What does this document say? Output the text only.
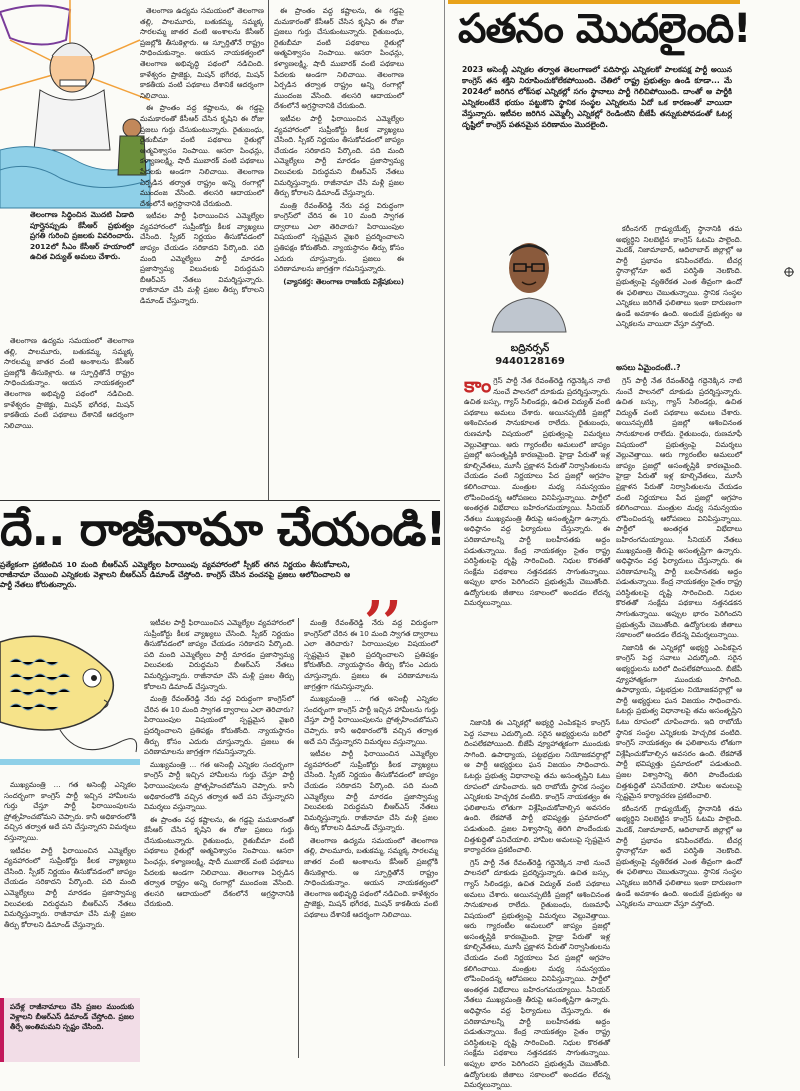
తెలంగాణ సిద్ధించిన మొదటి ఏడాది పూర్తైనప్పుడు కేసీఆర్ ప్రభుత్వం ప్రగతి గురించి ప్రజలకు వివరించారు. 2012లో సీఎం కేసీఆర్ హయాంలో ఉచిత విద్యుత్ అమలు చేశారు.

తెలంగాణ ఉద్యమ సమయంలో తెలంగాణ తల్లి, పాలమూరు, బతుకమ్మ, సమ్మక్క సారలమ్మ జాతర వంటి అంశాలను కేసీఆర్ ప్రజల్లోకి తీసుకెళ్లారు. ఆ స్ఫూర్తితోనే రాష్ట్రం సాధించుకున్నాం. ఆయన నాయకత్వంలో తెలంగాణ అభివృద్ధి పథంలో నడిచింది. కాళేశ్వరం ప్రాజెక్టు, మిషన్ భగీరథ, మిషన్ కాకతీయ వంటి పథకాలు దేశానికే ఆదర్శంగా నిలిచాయి.

తెలంగాణ ఉద్యమ సమయంలో తెలంగాణ తల్లి, పాలమూరు, బతుకమ్మ, సమ్మక్క సారలమ్మ జాతర వంటి అంశాలను కేసీఆర్ ప్రజల్లోకి తీసుకెళ్లారు. ఆ స్ఫూర్తితోనే రాష్ట్రం సాధించుకున్నాం. ఆయన నాయకత్వంలో తెలంగాణ అభివృద్ధి పథంలో నడిచింది. కాళేశ్వరం ప్రాజెక్టు, మిషన్ భగీరథ, మిషన్ కాకతీయ వంటి పథకాలు దేశానికే ఆదర్శంగా నిలిచాయి.

ఈ ప్రాంతం వద్ద కష్టాలను, ఈ గడ్డపై మమకారంతో కేసీఆర్ చేసిన కృషిని ఈ రోజు ప్రజలు గుర్తు చేసుకుంటున్నారు. రైతుబంధు, రైతుబీమా వంటి పథకాలు రైతుల్లో ఆత్మవిశ్వాసం నింపాయి. ఆసరా పింఛన్లు, కళ్యాణలక్ష్మి, షాదీ ముబారక్ వంటి పథకాలు పేదలకు అండగా నిలిచాయి. తెలంగాణ ఏర్పడిన తర్వాత రాష్ట్రం అన్ని రంగాల్లో ముందంజ వేసింది. తలసరి ఆదాయంలో దేశంలోనే అగ్రస్థానానికి చేరుకుంది.

ఇటీవల పార్టీ ఫిరాయించిన ఎమ్మెల్యేల వ్యవహారంలో సుప్రీంకోర్టు కీలక వ్యాఖ్యలు చేసింది. స్పీకర్ నిర్ణయం తీసుకోవడంలో జాప్యం చేయడం సరికాదని పేర్కొంది. పది మంది ఎమ్మెల్యేలు పార్టీ మారడం ప్రజాస్వామ్య విలువలకు విరుద్ధమని బీఆర్ఎస్ నేతలు విమర్శిస్తున్నారు. రాజీనామా చేసి మళ్లీ ప్రజల తీర్పు కోరాలని డిమాండ్ చేస్తున్నారు.

ఈ ప్రాంతం వద్ద కష్టాలను, ఈ గడ్డపై మమకారంతో కేసీఆర్ చేసిన కృషిని ఈ రోజు ప్రజలు గుర్తు చేసుకుంటున్నారు. రైతుబంధు, రైతుబీమా వంటి పథకాలు రైతుల్లో ఆత్మవిశ్వాసం నింపాయి. ఆసరా పింఛన్లు, కళ్యాణలక్ష్మి, షాదీ ముబారక్ వంటి పథకాలు పేదలకు అండగా నిలిచాయి. తెలంగాణ ఏర్పడిన తర్వాత రాష్ట్రం అన్ని రంగాల్లో ముందంజ వేసింది. తలసరి ఆదాయంలో దేశంలోనే అగ్రస్థానానికి చేరుకుంది.

ఇటీవల పార్టీ ఫిరాయించిన ఎమ్మెల్యేల వ్యవహారంలో సుప్రీంకోర్టు కీలక వ్యాఖ్యలు చేసింది. స్పీకర్ నిర్ణయం తీసుకోవడంలో జాప్యం చేయడం సరికాదని పేర్కొంది. పది మంది ఎమ్మెల్యేలు పార్టీ మారడం ప్రజాస్వామ్య విలువలకు విరుద్ధమని బీఆర్ఎస్ నేతలు విమర్శిస్తున్నారు. రాజీనామా చేసి మళ్లీ ప్రజల తీర్పు కోరాలని డిమాండ్ చేస్తున్నారు.

మంత్రి రేవంత్‌రెడ్డి నేరు వద్ద విరుద్ధంగా కాంగ్రెస్‌లో చేరిన ఈ 10 మంది స్వాగత ద్వారాలు ఎలా తెరిచారు? పిరాయింపుల విషయంలో స్పష్టమైన వైఖరి ప్రదర్శించాలని ప్రతిపక్షం కోరుతోంది. న్యాయస్థానం తీర్పు కోసం ఎదురు చూస్తున్నారు. ప్రజలు ఈ పరిణామాలను జాగ్రత్తగా గమనిస్తున్నారు.

(వ్యాసకర్త: తెలంగాణ రాజకీయ విశ్లేషకులు)

పతనం మొదలైంది!
2023 అసెంబ్లీ ఎన్నికల తర్వాత తెలంగాణలో పదిసార్లు ఎన్నికలకో పాలకపక్ష పార్టీ అయిన కాంగ్రెస్ తన శక్తిని నిరూపించుకోలేకపోయింది. చేతిలో రాష్ట్ర ప్రభుత్వం ఉండి కూడా... మే 2024లో జరిగిన లోక్‌సభ ఎన్నికల్లో సగం స్థానాలు పార్టీ గెలిచిపోయింది. దాంతో ఆ పార్టీకి ఎన్నికలంటేనే భయం పట్టుకొని స్థానిక సంస్థల ఎన్నికలను ఏదో ఒక కారణంతో వాయిదా వేస్తున్నారు. ఇటీవల జరిగిన ఎమ్మెల్సీ ఎన్నికల్లో రెండింటిని బీజేపీ తన్నుకుపోవడంతో ఓటర్ల దృష్టిలో కాంగ్రెస్ పతనమైన పరిణామం మొదలైంది.
బద్రినర్సన్
9440128169
కాంగ్రెస్ పార్టీ నేత రేవంత్‌రెడ్డి గద్దెనెక్కిన నాటి నుంచే పాలనలో దూకుడు ప్రదర్శిస్తున్నారు. ఉచిత బస్సు, గ్యాస్ సిలిండర్లు, ఉచిత విద్యుత్ వంటి పథకాలు అమలు చేశారు. అయినప్పటికీ ప్రజల్లో ఆశించినంత సానుకూలత రాలేదు. రైతుబంధు, రుణమాఫీ విషయంలో ప్రభుత్వంపై విమర్శలు వెల్లువెత్తాయి. ఆరు గ్యారంటీల అమలులో జాప్యం ప్రజల్లో అసంతృప్తికి కారణమైంది. హైడ్రా పేరుతో ఇళ్ల కూల్చివేతలు, మూసీ ప్రక్షాళన పేరుతో నిర్వాసితులను చేయడం వంటి నిర్ణయాలు పేద ప్రజల్లో ఆగ్రహం కలిగించాయి. మంత్రుల మధ్య సమన్వయం లోపించిందన్న ఆరోపణలు వినిపిస్తున్నాయి. పార్టీలో అంతర్గత విభేదాలు బహిరంగమయ్యాయి. సీనియర్ నేతలు ముఖ్యమంత్రి తీరుపై అసంతృప్తిగా ఉన్నారు. అధిష్ఠానం వద్ద ఫిర్యాదులు చేస్తున్నారు. ఈ పరిణామాలన్నీ పార్టీ బలహీనతకు అద్దం పడుతున్నాయి. కేంద్ర నాయకత్వం సైతం రాష్ట్ర పరిస్థితులపై దృష్టి సారించింది. నిధుల కొరతతో సంక్షేమ పథకాలు నత్తనడకన సాగుతున్నాయి. అప్పుల భారం పెరిగిందని ప్రభుత్వమే చెబుతోంది. ఉద్యోగులకు జీతాలు సకాలంలో అందడం లేదన్న విమర్శలున్నాయి.

నిజానికి ఈ ఎన్నికల్లో అభ్యర్థి ఎంపికపైన కాంగ్రెస్ పెద్ద సవాలు ఎదుర్కొంది. సరైన అభ్యర్థులను బరిలో దింపలేకపోయింది. బీజేపీ వ్యూహాత్మకంగా ముందుకు సాగింది. ఉపాధ్యాయ, పట్టభద్రుల నియోజకవర్గాల్లో ఆ పార్టీ అభ్యర్థులు ఘన విజయం సాధించారు. ఓటర్లు ప్రభుత్వ విధానాలపై తమ అసంతృప్తిని ఓటు రూపంలో చూపించారు. ఇది రాబోయే స్థానిక సంస్థల ఎన్నికలకు హెచ్చరిక వంటిది. కాంగ్రెస్ నాయకత్వం ఈ ఫలితాలను లోతుగా విశ్లేషించుకోవాల్సిన అవసరం ఉంది. లేకపోతే పార్టీ భవిష్యత్తు ప్రమాదంలో పడుతుంది. ప్రజల విశ్వాసాన్ని తిరిగి పొందేందుకు చిత్తశుద్ధితో పనిచేయాలి. హామీల అమలుపై స్పష్టమైన కార్యాచరణ ప్రకటించాలి.

గ్రెస్ పార్టీ నేత రేవంత్‌రెడ్డి గద్దెనెక్కిన నాటి నుంచే పాలనలో దూకుడు ప్రదర్శిస్తున్నారు. ఉచిత బస్సు, గ్యాస్ సిలిండర్లు, ఉచిత విద్యుత్ వంటి పథకాలు అమలు చేశారు. అయినప్పటికీ ప్రజల్లో ఆశించినంత సానుకూలత రాలేదు. రైతుబంధు, రుణమాఫీ విషయంలో ప్రభుత్వంపై విమర్శలు వెల్లువెత్తాయి. ఆరు గ్యారంటీల అమలులో జాప్యం ప్రజల్లో అసంతృప్తికి కారణమైంది. హైడ్రా పేరుతో ఇళ్ల కూల్చివేతలు, మూసీ ప్రక్షాళన పేరుతో నిర్వాసితులను చేయడం వంటి నిర్ణయాలు పేద ప్రజల్లో ఆగ్రహం కలిగించాయి. మంత్రుల మధ్య సమన్వయం లోపించిందన్న ఆరోపణలు వినిపిస్తున్నాయి. పార్టీలో అంతర్గత విభేదాలు బహిరంగమయ్యాయి. సీనియర్ నేతలు ముఖ్యమంత్రి తీరుపై అసంతృప్తిగా ఉన్నారు. అధిష్ఠానం వద్ద ఫిర్యాదులు చేస్తున్నారు. ఈ పరిణామాలన్నీ పార్టీ బలహీనతకు అద్దం పడుతున్నాయి. కేంద్ర నాయకత్వం సైతం రాష్ట్ర పరిస్థితులపై దృష్టి సారించింది. నిధుల కొరతతో సంక్షేమ పథకాలు నత్తనడకన సాగుతున్నాయి. అప్పుల భారం పెరిగిందని ప్రభుత్వమే చెబుతోంది. ఉద్యోగులకు జీతాలు సకాలంలో అందడం లేదన్న విమర్శలున్నాయి.

కరీంనగర్ గ్రాడ్యుయేట్స్ స్థానానికి తమ అభ్యర్థిని నిలబెట్టిన కాంగ్రెస్ ఓటమి పాలైంది. మెదక్, నిజామాబాద్, ఆదిలాబాద్ జిల్లాల్లో ఆ పార్టీ ప్రభావం కనిపించలేదు. టీచర్ల స్థానాల్లోనూ అదే పరిస్థితి నెలకొంది. ప్రభుత్వంపై వ్యతిరేకత ఎంత తీవ్రంగా ఉందో ఈ ఫలితాలు చెబుతున్నాయి. స్థానిక సంస్థల ఎన్నికలు జరిగితే ఫలితాలు ఇంకా దారుణంగా ఉండే అవకాశం ఉంది. అందుకే ప్రభుత్వం ఆ ఎన్నికలను వాయిదా వేస్తూ వస్తోంది.

అసలు ఏమైందంటే..?

గ్రెస్ పార్టీ నేత రేవంత్‌రెడ్డి గద్దెనెక్కిన నాటి నుంచే పాలనలో దూకుడు ప్రదర్శిస్తున్నారు. ఉచిత బస్సు, గ్యాస్ సిలిండర్లు, ఉచిత విద్యుత్ వంటి పథకాలు అమలు చేశారు. అయినప్పటికీ ప్రజల్లో ఆశించినంత సానుకూలత రాలేదు. రైతుబంధు, రుణమాఫీ విషయంలో ప్రభుత్వంపై విమర్శలు వెల్లువెత్తాయి. ఆరు గ్యారంటీల అమలులో జాప్యం ప్రజల్లో అసంతృప్తికి కారణమైంది. హైడ్రా పేరుతో ఇళ్ల కూల్చివేతలు, మూసీ ప్రక్షాళన పేరుతో నిర్వాసితులను చేయడం వంటి నిర్ణయాలు పేద ప్రజల్లో ఆగ్రహం కలిగించాయి. మంత్రుల మధ్య సమన్వయం లోపించిందన్న ఆరోపణలు వినిపిస్తున్నాయి. పార్టీలో అంతర్గత విభేదాలు బహిరంగమయ్యాయి. సీనియర్ నేతలు ముఖ్యమంత్రి తీరుపై అసంతృప్తిగా ఉన్నారు. అధిష్ఠానం వద్ద ఫిర్యాదులు చేస్తున్నారు. ఈ పరిణామాలన్నీ పార్టీ బలహీనతకు అద్దం పడుతున్నాయి. కేంద్ర నాయకత్వం సైతం రాష్ట్ర పరిస్థితులపై దృష్టి సారించింది. నిధుల కొరతతో సంక్షేమ పథకాలు నత్తనడకన సాగుతున్నాయి. అప్పుల భారం పెరిగిందని ప్రభుత్వమే చెబుతోంది. ఉద్యోగులకు జీతాలు సకాలంలో అందడం లేదన్న విమర్శలున్నాయి.

నిజానికి ఈ ఎన్నికల్లో అభ్యర్థి ఎంపికపైన కాంగ్రెస్ పెద్ద సవాలు ఎదుర్కొంది. సరైన అభ్యర్థులను బరిలో దింపలేకపోయింది. బీజేపీ వ్యూహాత్మకంగా ముందుకు సాగింది. ఉపాధ్యాయ, పట్టభద్రుల నియోజకవర్గాల్లో ఆ పార్టీ అభ్యర్థులు ఘన విజయం సాధించారు. ఓటర్లు ప్రభుత్వ విధానాలపై తమ అసంతృప్తిని ఓటు రూపంలో చూపించారు. ఇది రాబోయే స్థానిక సంస్థల ఎన్నికలకు హెచ్చరిక వంటిది. కాంగ్రెస్ నాయకత్వం ఈ ఫలితాలను లోతుగా విశ్లేషించుకోవాల్సిన అవసరం ఉంది. లేకపోతే పార్టీ భవిష్యత్తు ప్రమాదంలో పడుతుంది. ప్రజల విశ్వాసాన్ని తిరిగి పొందేందుకు చిత్తశుద్ధితో పనిచేయాలి. హామీల అమలుపై స్పష్టమైన కార్యాచరణ ప్రకటించాలి.

కరీంనగర్ గ్రాడ్యుయేట్స్ స్థానానికి తమ అభ్యర్థిని నిలబెట్టిన కాంగ్రెస్ ఓటమి పాలైంది. మెదక్, నిజామాబాద్, ఆదిలాబాద్ జిల్లాల్లో ఆ పార్టీ ప్రభావం కనిపించలేదు. టీచర్ల స్థానాల్లోనూ అదే పరిస్థితి నెలకొంది. ప్రభుత్వంపై వ్యతిరేకత ఎంత తీవ్రంగా ఉందో ఈ ఫలితాలు చెబుతున్నాయి. స్థానిక సంస్థల ఎన్నికలు జరిగితే ఫలితాలు ఇంకా దారుణంగా ఉండే అవకాశం ఉంది. అందుకే ప్రభుత్వం ఆ ఎన్నికలను వాయిదా వేస్తూ వస్తోంది.

దే.. రాజీనామా చేయండి!
ప్రత్యేకంగా ప్రకటించిన 10 మంది బీఆర్ఎస్ ఎమ్మెల్యేల పిరాయింపు వ్యవహారంలో స్పీకర్ తగిన నిర్ణయం తీసుకోవాలని, రాజీనామా చేయించి ఎన్నికలకు వెళ్లాలని బీఆర్ఎస్ డిమాండ్ చేస్తోంది. కాంగ్రెస్ చేసిన వంచనపై ప్రజలు ఆలోచించాలని ఆ పార్టీ నేతలు కోరుతున్నారు.	,,

ముఖ్యమంత్రి ... గత అసెంబ్లీ ఎన్నికల సందర్భంగా కాంగ్రెస్ పార్టీ ఇచ్చిన హామీలను గుర్తు చేస్తూ పార్టీ ఫిరాయింపులను ప్రోత్సహించబోమని చెప్పారు. కానీ అధికారంలోకి వచ్చిన తర్వాత అదే పని చేస్తున్నారని విమర్శలు వస్తున్నాయి.

ఇటీవల పార్టీ ఫిరాయించిన ఎమ్మెల్యేల వ్యవహారంలో సుప్రీంకోర్టు కీలక వ్యాఖ్యలు చేసింది. స్పీకర్ నిర్ణయం తీసుకోవడంలో జాప్యం చేయడం సరికాదని పేర్కొంది. పది మంది ఎమ్మెల్యేలు పార్టీ మారడం ప్రజాస్వామ్య విలువలకు విరుద్ధమని బీఆర్ఎస్ నేతలు విమర్శిస్తున్నారు. రాజీనామా చేసి మళ్లీ ప్రజల తీర్పు కోరాలని డిమాండ్ చేస్తున్నారు.

ఇటీవల పార్టీ ఫిరాయించిన ఎమ్మెల్యేల వ్యవహారంలో సుప్రీంకోర్టు కీలక వ్యాఖ్యలు చేసింది. స్పీకర్ నిర్ణయం తీసుకోవడంలో జాప్యం చేయడం సరికాదని పేర్కొంది. పది మంది ఎమ్మెల్యేలు పార్టీ మారడం ప్రజాస్వామ్య విలువలకు విరుద్ధమని బీఆర్ఎస్ నేతలు విమర్శిస్తున్నారు. రాజీనామా చేసి మళ్లీ ప్రజల తీర్పు కోరాలని డిమాండ్ చేస్తున్నారు.

మంత్రి రేవంత్‌రెడ్డి నేరు వద్ద విరుద్ధంగా కాంగ్రెస్‌లో చేరిన ఈ 10 మంది స్వాగత ద్వారాలు ఎలా తెరిచారు? పిరాయింపుల విషయంలో స్పష్టమైన వైఖరి ప్రదర్శించాలని ప్రతిపక్షం కోరుతోంది. న్యాయస్థానం తీర్పు కోసం ఎదురు చూస్తున్నారు. ప్రజలు ఈ పరిణామాలను జాగ్రత్తగా గమనిస్తున్నారు.

ముఖ్యమంత్రి ... గత అసెంబ్లీ ఎన్నికల సందర్భంగా కాంగ్రెస్ పార్టీ ఇచ్చిన హామీలను గుర్తు చేస్తూ పార్టీ ఫిరాయింపులను ప్రోత్సహించబోమని చెప్పారు. కానీ అధికారంలోకి వచ్చిన తర్వాత అదే పని చేస్తున్నారని విమర్శలు వస్తున్నాయి.

ఈ ప్రాంతం వద్ద కష్టాలను, ఈ గడ్డపై మమకారంతో కేసీఆర్ చేసిన కృషిని ఈ రోజు ప్రజలు గుర్తు చేసుకుంటున్నారు. రైతుబంధు, రైతుబీమా వంటి పథకాలు రైతుల్లో ఆత్మవిశ్వాసం నింపాయి. ఆసరా పింఛన్లు, కళ్యాణలక్ష్మి, షాదీ ముబారక్ వంటి పథకాలు పేదలకు అండగా నిలిచాయి. తెలంగాణ ఏర్పడిన తర్వాత రాష్ట్రం అన్ని రంగాల్లో ముందంజ వేసింది. తలసరి ఆదాయంలో దేశంలోనే అగ్రస్థానానికి చేరుకుంది.

మంత్రి రేవంత్‌రెడ్డి నేరు వద్ద విరుద్ధంగా కాంగ్రెస్‌లో చేరిన ఈ 10 మంది స్వాగత ద్వారాలు ఎలా తెరిచారు? పిరాయింపుల విషయంలో స్పష్టమైన వైఖరి ప్రదర్శించాలని ప్రతిపక్షం కోరుతోంది. న్యాయస్థానం తీర్పు కోసం ఎదురు చూస్తున్నారు. ప్రజలు ఈ పరిణామాలను జాగ్రత్తగా గమనిస్తున్నారు.

ముఖ్యమంత్రి ... గత అసెంబ్లీ ఎన్నికల సందర్భంగా కాంగ్రెస్ పార్టీ ఇచ్చిన హామీలను గుర్తు చేస్తూ పార్టీ ఫిరాయింపులను ప్రోత్సహించబోమని చెప్పారు. కానీ అధికారంలోకి వచ్చిన తర్వాత అదే పని చేస్తున్నారని విమర్శలు వస్తున్నాయి.

ఇటీవల పార్టీ ఫిరాయించిన ఎమ్మెల్యేల వ్యవహారంలో సుప్రీంకోర్టు కీలక వ్యాఖ్యలు చేసింది. స్పీకర్ నిర్ణయం తీసుకోవడంలో జాప్యం చేయడం సరికాదని పేర్కొంది. పది మంది ఎమ్మెల్యేలు పార్టీ మారడం ప్రజాస్వామ్య విలువలకు విరుద్ధమని బీఆర్ఎస్ నేతలు విమర్శిస్తున్నారు. రాజీనామా చేసి మళ్లీ ప్రజల తీర్పు కోరాలని డిమాండ్ చేస్తున్నారు.

తెలంగాణ ఉద్యమ సమయంలో తెలంగాణ తల్లి, పాలమూరు, బతుకమ్మ, సమ్మక్క సారలమ్మ జాతర వంటి అంశాలను కేసీఆర్ ప్రజల్లోకి తీసుకెళ్లారు. ఆ స్ఫూర్తితోనే రాష్ట్రం సాధించుకున్నాం. ఆయన నాయకత్వంలో తెలంగాణ అభివృద్ధి పథంలో నడిచింది. కాళేశ్వరం ప్రాజెక్టు, మిషన్ భగీరథ, మిషన్ కాకతీయ వంటి పథకాలు దేశానికే ఆదర్శంగా నిలిచాయి.

పదేళ్ల రాజీనామాలు చేసి ప్రజల ముందుకు వెళ్లాలని బీఆర్ఎస్ డిమాండ్ చేస్తోంది. ప్రజల తీర్పే అంతిమమని స్పష్టం చేసింది.
